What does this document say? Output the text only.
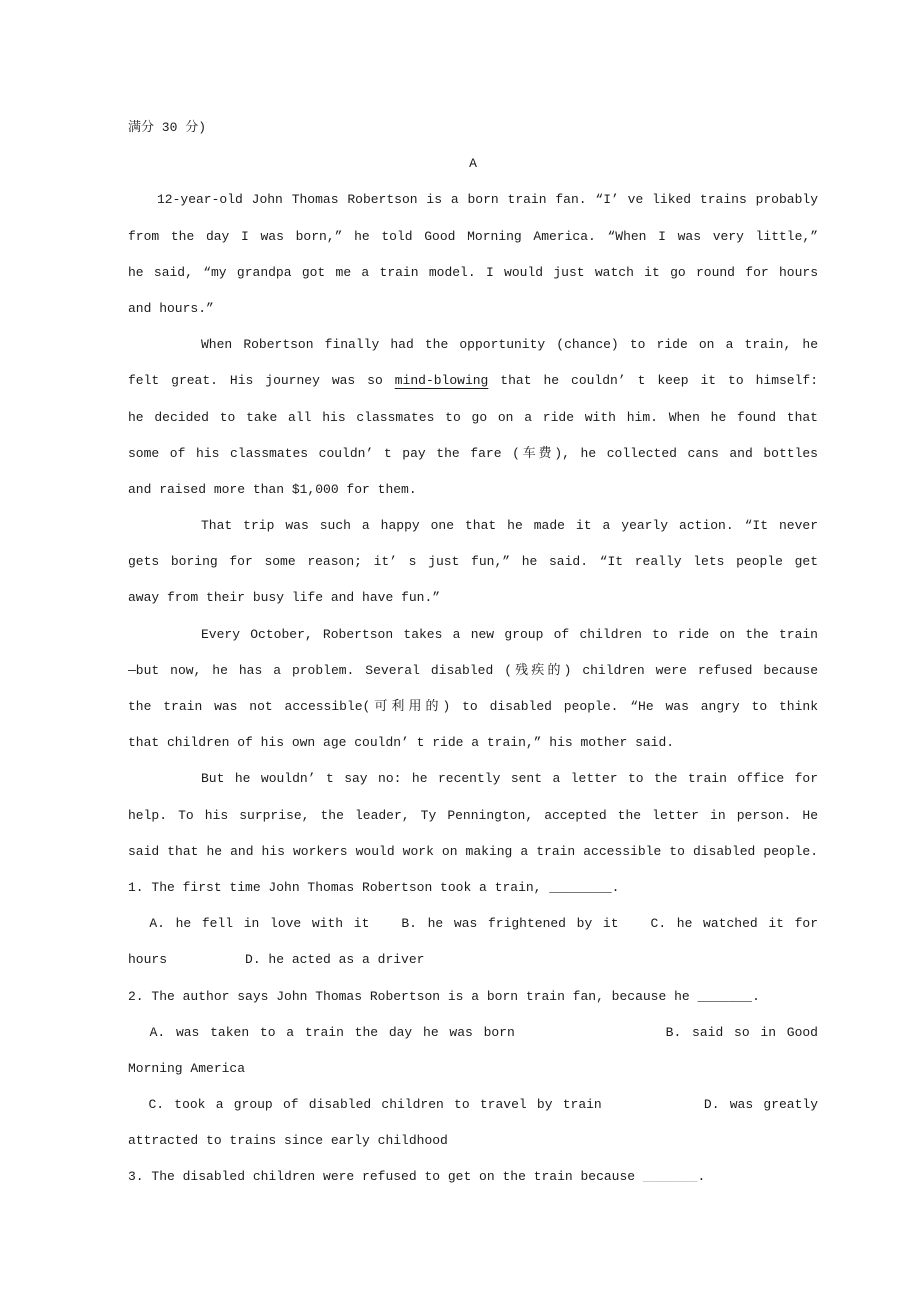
满分 30 分)
A
12-year-old John Thomas Robertson is a born train fan. “I’ ve liked trains probably
from the day I was born,” he told Good Morning America. “When I was very little,”
he said, “my grandpa got me a train model. I would just watch it go round for hours
and hours.”
When Robertson finally had the opportunity (chance) to ride on a train, he
felt great. His journey was so mind-blowing that he couldn’ t keep it to himself:
he decided to take all his classmates to go on a ride with him. When he found that
some of his classmates couldn’ t pay the fare (车费), he collected cans and bottles
and raised more than $1,000 for them.
That trip was such a happy one that he made it a yearly action. “It never
gets boring for some reason; it’ s just fun,” he said. “It really lets people get
away from their busy life and have fun.”
Every October, Robertson takes a new group of children to ride on the train
—but now, he has a problem. Several disabled (残疾的) children were refused because
the train was not accessible(可利用的) to disabled people. “He was angry to think
that children of his own age couldn’ t ride a train,” his mother said.
But he wouldn’ t say no: he recently sent a letter to the train office for
help. To his surprise, the leader, Ty Pennington, accepted the letter in person. He
said that he and his workers would work on making a train accessible to disabled people.
1. The first time John Thomas Robertson took a train, ________.
A. he fell in love with it   B. he was frightened by it   C. he watched it for
hours          D. he acted as a driver
2. The author says John Thomas Robertson is a born train fan, because he _______.
A. was taken to a train the day he was born              B. said so in Good
Morning America
C. took a group of disabled children to travel by train          D. was greatly
attracted to trains since early childhood
3. The disabled children were refused to get on the train because _______.
